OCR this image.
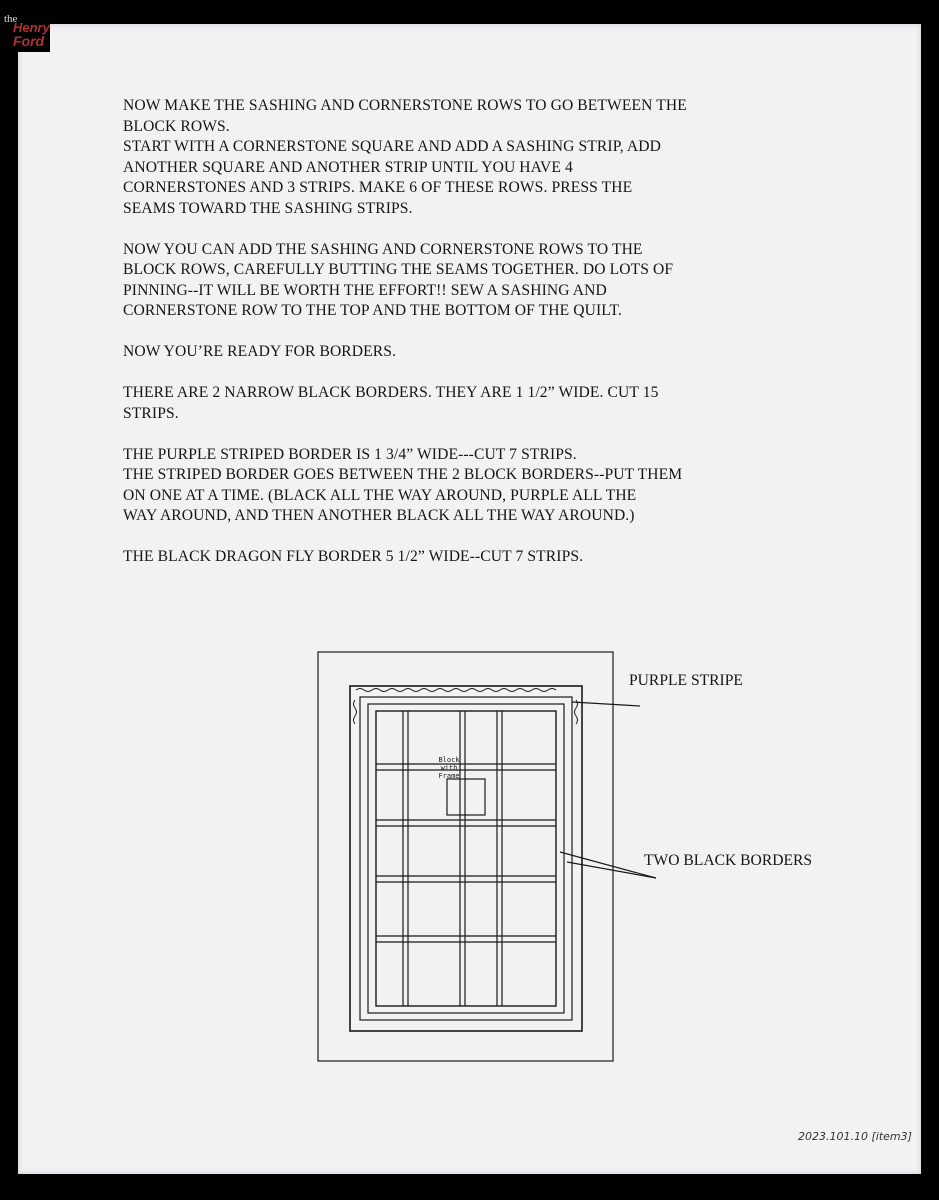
the
Henry
Ford

NOW MAKE THE SASHING AND CORNERSTONE ROWS TO GO BETWEEN THE
BLOCK ROWS.
START WITH A CORNERSTONE SQUARE AND ADD A SASHING STRIP, ADD
ANOTHER SQUARE AND ANOTHER STRIP UNTIL YOU HAVE 4
CORNERSTONES AND 3 STRIPS. MAKE 6 OF THESE ROWS. PRESS THE
SEAMS TOWARD THE SASHING STRIPS.

NOW YOU CAN ADD THE SASHING AND CORNERSTONE ROWS TO THE
BLOCK ROWS, CAREFULLY BUTTING THE SEAMS TOGETHER. DO LOTS OF
PINNING--IT WILL BE WORTH THE EFFORT!! SEW A SASHING AND
CORNERSTONE ROW TO THE TOP AND THE BOTTOM OF THE QUILT.

NOW YOU’RE READY FOR BORDERS.

THERE ARE 2 NARROW BLACK BORDERS. THEY ARE 1 1/2” WIDE. CUT 15
STRIPS.

THE PURPLE STRIPED BORDER IS 1 3/4” WIDE---CUT 7 STRIPS.
THE STRIPED BORDER GOES BETWEEN THE 2 BLOCK BORDERS--PUT THEM
ON ONE AT A TIME. (BLACK ALL THE WAY AROUND, PURPLE ALL THE
WAY AROUND, AND THEN ANOTHER BLACK ALL THE WAY AROUND.)

THE BLACK DRAGON FLY BORDER 5 1/2” WIDE--CUT 7 STRIPS.

Block
with
Frame
PURPLE STRIPE
TWO BLACK BORDERS
2023.101.10 [item3]
